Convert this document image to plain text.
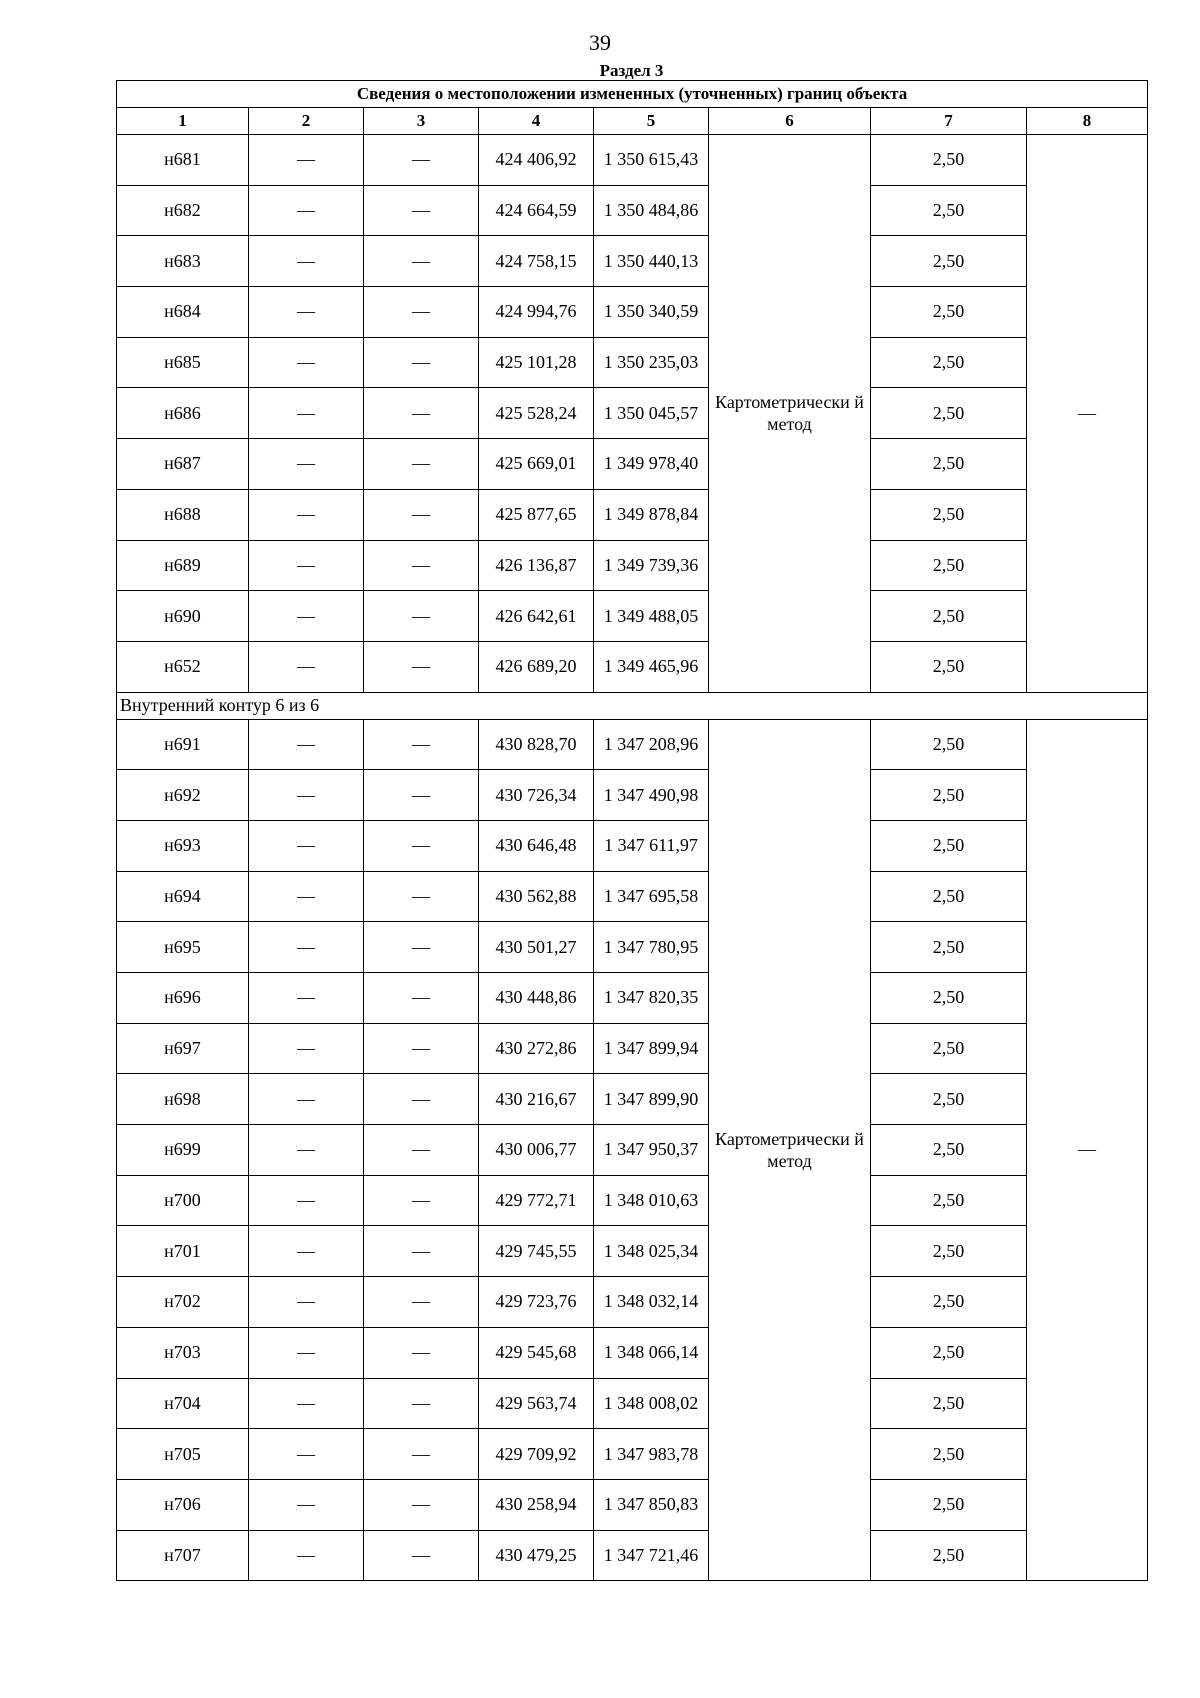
39
Раздел 3
Сведения о местоположении измененных (уточненных) границ объекта							
1	2	3	4	5	6	7	8
н681	—	—	424 406,92	1 350 615,43	Картометрически й метод	2,50	—
н682	—	—	424 664,59	1 350 484,86		2,50	
н683	—	—	424 758,15	1 350 440,13		2,50	
н684	—	—	424 994,76	1 350 340,59		2,50	
н685	—	—	425 101,28	1 350 235,03		2,50	
н686	—	—	425 528,24	1 350 045,57		2,50	
н687	—	—	425 669,01	1 349 978,40		2,50	
н688	—	—	425 877,65	1 349 878,84		2,50	
н689	—	—	426 136,87	1 349 739,36		2,50	
н690	—	—	426 642,61	1 349 488,05		2,50	
н652	—	—	426 689,20	1 349 465,96		2,50	
Внутренний контур 6 из 6							
н691	—	—	430 828,70	1 347 208,96	Картометрически й метод	2,50	—
н692	—	—	430 726,34	1 347 490,98		2,50	
н693	—	—	430 646,48	1 347 611,97		2,50	
н694	—	—	430 562,88	1 347 695,58		2,50	
н695	—	—	430 501,27	1 347 780,95		2,50	
н696	—	—	430 448,86	1 347 820,35		2,50	
н697	—	—	430 272,86	1 347 899,94		2,50	
н698	—	—	430 216,67	1 347 899,90		2,50	
н699	—	—	430 006,77	1 347 950,37		2,50	
н700	—	—	429 772,71	1 348 010,63		2,50	
н701	—	—	429 745,55	1 348 025,34		2,50	
н702	—	—	429 723,76	1 348 032,14		2,50	
н703	—	—	429 545,68	1 348 066,14		2,50	
н704	—	—	429 563,74	1 348 008,02		2,50	
н705	—	—	429 709,92	1 347 983,78		2,50	
н706	—	—	430 258,94	1 347 850,83		2,50	
н707	—	—	430 479,25	1 347 721,46		2,50	
